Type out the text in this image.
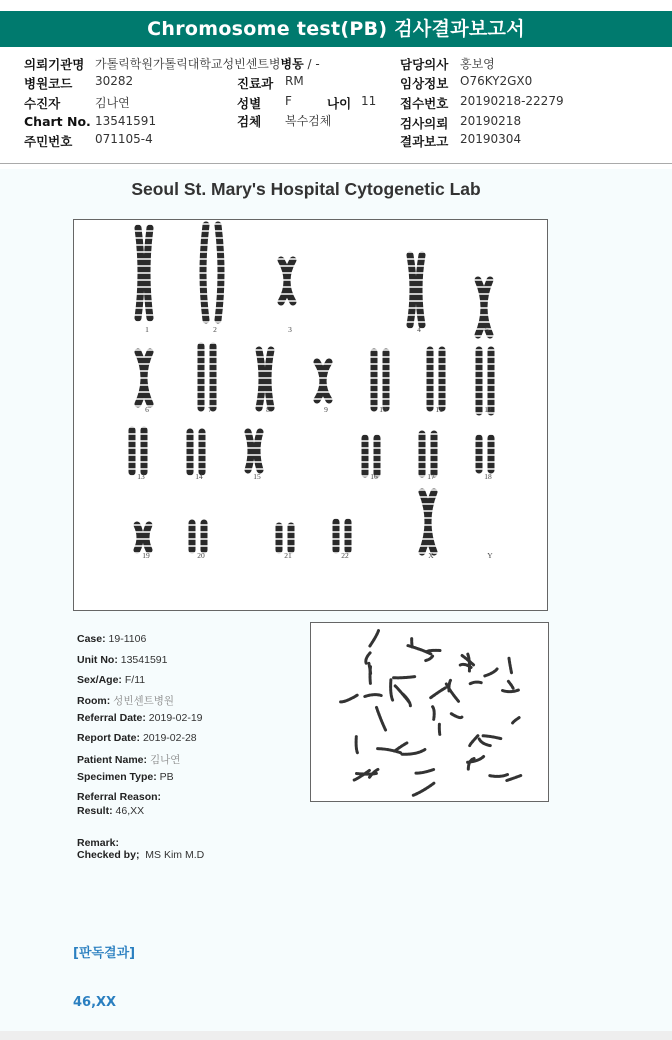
Chromosome test(PB) 검사결과보고서
의뢰기관명 가톨릭학원가톨릭대학교성빈센트병병동 / -	담당의사 홍보영
병원코드 30282	진료과 RM	임상정보 O76KY2GX0
수진자	김나연	성별 F	나이 11 접수번호 20190218-22279
Chart No. 13541591	검체 복수검체	검사의뢰 20190218
주민번호 071105-4	결과보고 20190304
Seoul St. Mary's Hospital Cytogenetic Lab
1	2	3	4	5
6	7	8	9	10	11	12
13	14	15	16	17	18
19	20	21	22	X	Y
Case: 19-1106
Unit No: 13541591
Sex/Age: F/11
Room: 성빈센트병원
Referral Date: 2019-02-19
Report Date: 2019-02-28
Patient Name: 김나연
Specimen Type: PB
Referral Reason:
Result: 46,XX
Remark:
Checked by; MS Kim M.D
[판독결과]
46,XX
